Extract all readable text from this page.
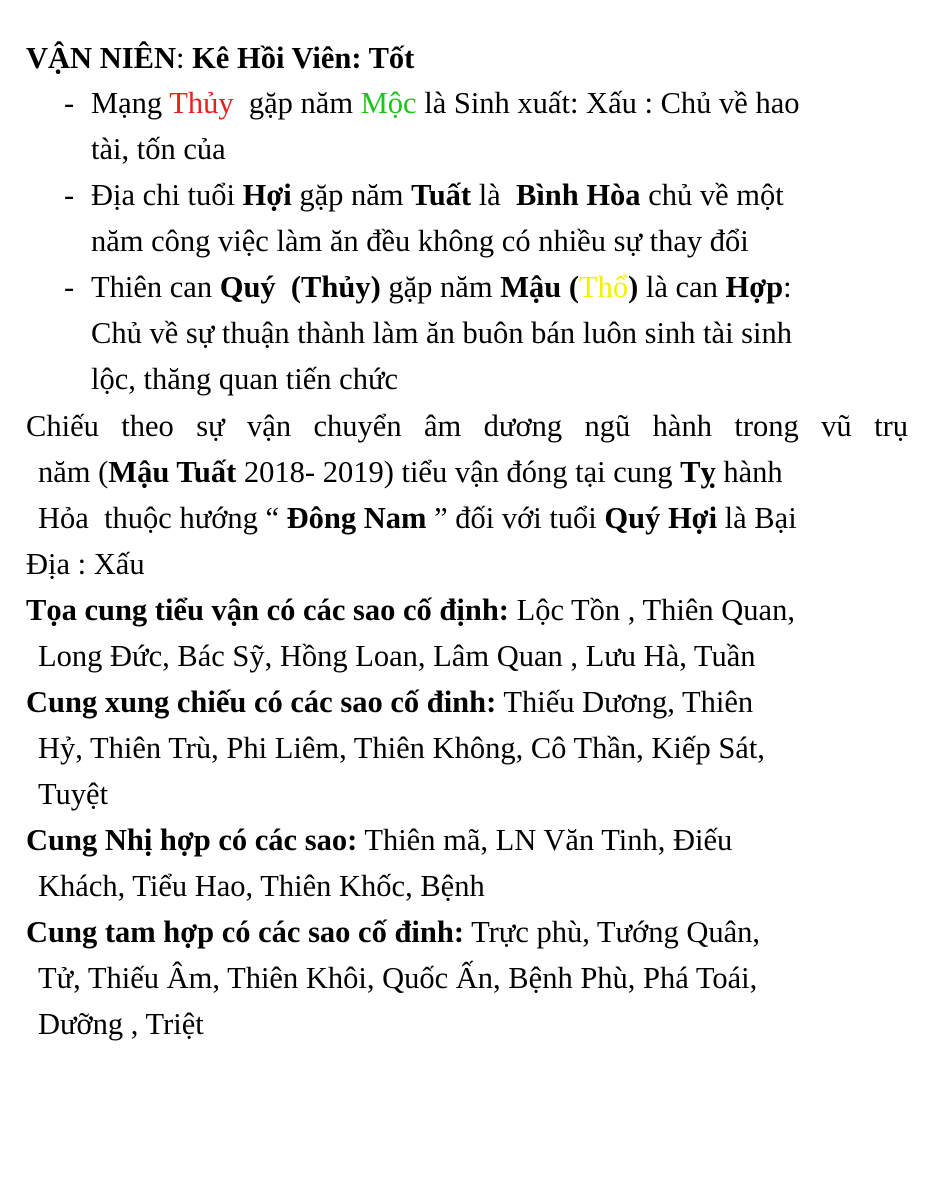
VẬN NIÊN: Kê Hồi Viên: Tốt
- Mạng Thủy  gặp năm Mộc là Sinh xuất: Xấu : Chủ về hao
tài, tốn của
- Địa chi tuổi Hợi gặp năm Tuất là  Bình Hòa chủ về một
năm công việc làm ăn đều không có nhiều sự thay đổi
- Thiên can Quý  (Thủy) gặp năm Mậu (Thổ) là can Hợp:
Chủ về sự thuận thành làm ăn buôn bán luôn sinh tài sinh
lộc, thăng quan tiến chức
Chiếu theo sự vận chuyển âm dương ngũ hành trong vũ trụ
năm (Mậu Tuất 2018- 2019) tiểu vận đóng tại cung Tỵ hành
Hỏa  thuộc hướng “ Đông Nam ” đối với tuổi Quý Hợi là Bại
Địa : Xấu
Tọa cung tiểu vận có các sao cố định: Lộc Tồn , Thiên Quan,
Long Đức, Bác Sỹ, Hồng Loan, Lâm Quan , Lưu Hà, Tuần
Cung xung chiếu có các sao cố đinh: Thiếu Dương, Thiên
Hỷ, Thiên Trù, Phi Liêm, Thiên Không, Cô Thần, Kiếp Sát,
Tuyệt
Cung Nhị hợp có các sao: Thiên mã, LN Văn Tinh, Điếu
Khách, Tiểu Hao, Thiên Khốc, Bệnh
Cung tam hợp có các sao cố đinh: Trực phù, Tướng Quân,
Tử, Thiếu Âm, Thiên Khôi, Quốc Ấn, Bệnh Phù, Phá Toái,
Dưỡng , Triệt
